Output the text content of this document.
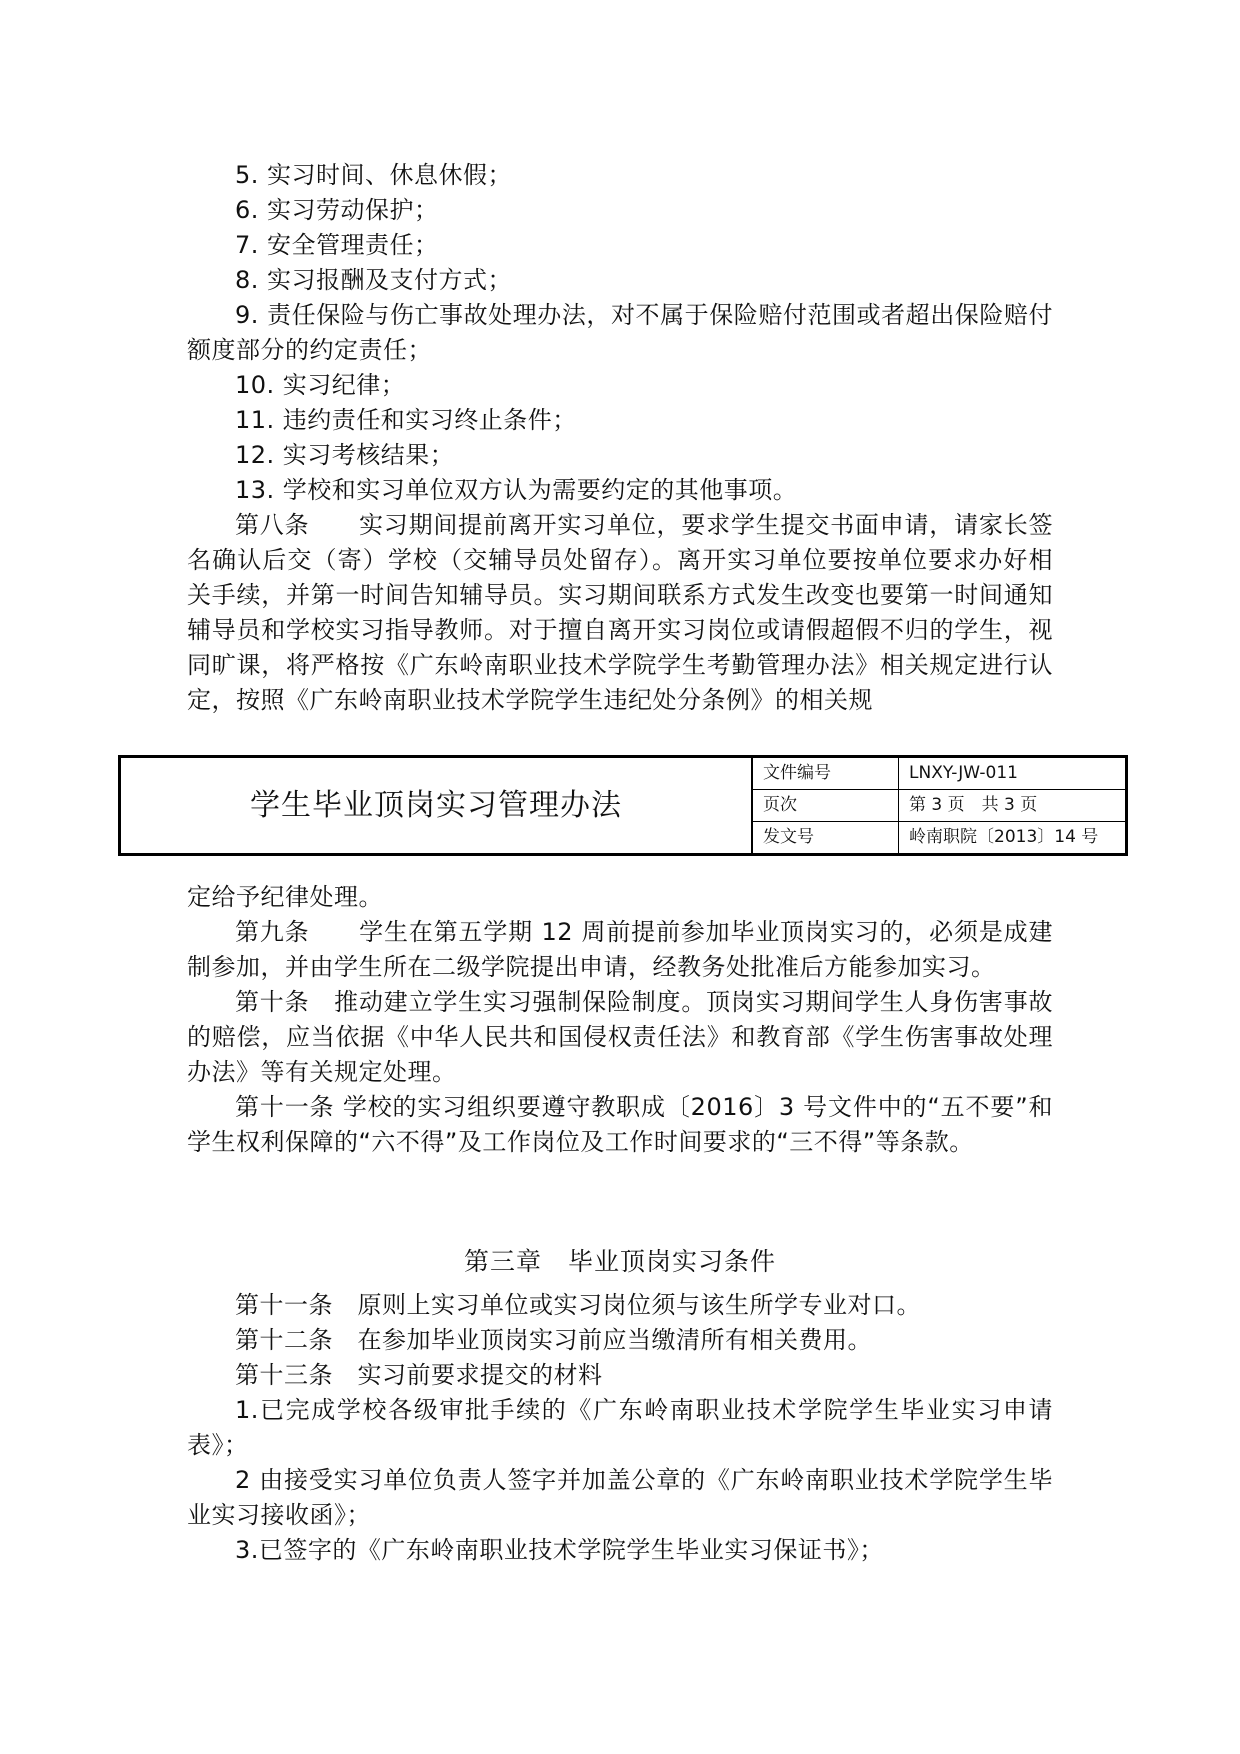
5. 实习时间、休息休假；

6. 实习劳动保护；

7. 安全管理责任；

8. 实习报酬及支付方式；

9. 责任保险与伤亡事故处理办法，对不属于保险赔付范围或者超出保险赔付额度部分的约定责任；

10. 实习纪律；

11. 违约责任和实习终止条件；

12. 实习考核结果；

13. 学校和实习单位双方认为需要约定的其他事项。

第八条　　实习期间提前离开实习单位，要求学生提交书面申请，请家长签名确认后交（寄）学校（交辅导员处留存）。离开实习单位要按单位要求办好相关手续，并第一时间告知辅导员。实习期间联系方式发生改变也要第一时间通知辅导员和学校实习指导教师。对于擅自离开实习岗位或请假超假不归的学生，视同旷课，将严格按《广东岭南职业技术学院学生考勤管理办法》相关规定进行认定，按照《广东岭南职业技术学院学生违纪处分条例》的相关规

学生毕业顶岗实习管理办法	文件编号	LNXY-JW-011
	页次	第 3 页　共 3 页
	发文号	岭南职院〔2013〕14 号

定给予纪律处理。

第九条　　学生在第五学期 12 周前提前参加毕业顶岗实习的，必须是成建制参加，并由学生所在二级学院提出申请，经教务处批准后方能参加实习。

第十条　推动建立学生实习强制保险制度。顶岗实习期间学生人身伤害事故的赔偿，应当依据《中华人民共和国侵权责任法》和教育部《学生伤害事故处理办法》等有关规定处理。

第十一条 学校的实习组织要遵守教职成〔2016〕3 号文件中的“五不要”和学生权利保障的“六不得”及工作岗位及工作时间要求的“三不得”等条款。

第三章　毕业顶岗实习条件

第十一条　原则上实习单位或实习岗位须与该生所学专业对口。

第十二条　在参加毕业顶岗实习前应当缴清所有相关费用。

第十三条　实习前要求提交的材料

1.已完成学校各级审批手续的《广东岭南职业技术学院学生毕业实习申请表》；

2 由接受实习单位负责人签字并加盖公章的《广东岭南职业技术学院学生毕业实习接收函》；

3.已签字的《广东岭南职业技术学院学生毕业实习保证书》；
